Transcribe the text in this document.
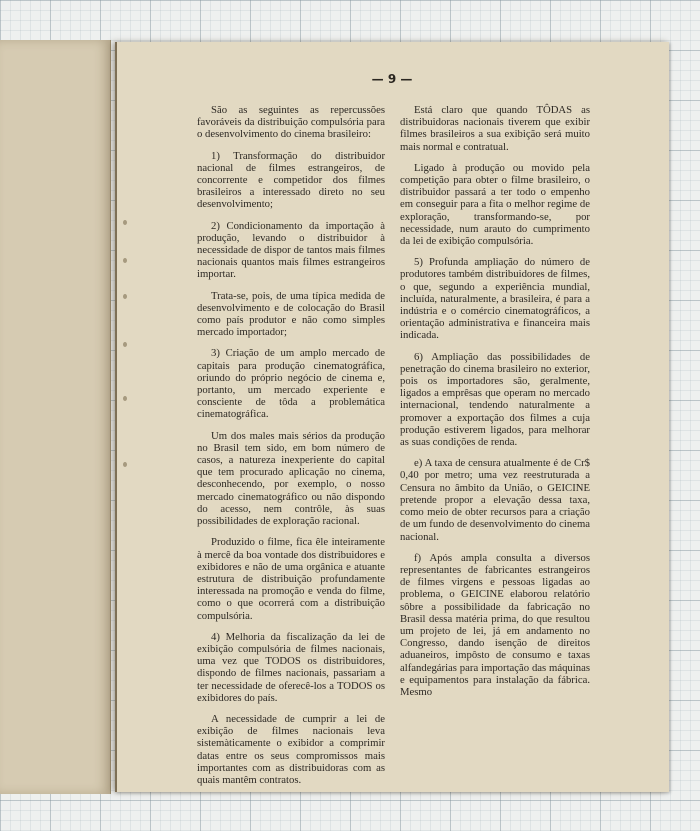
— 9 —

São as seguintes as repercussões favoráveis da distribuição compulsória para o desenvolvimento do cinema brasileiro:

1) Transformação do distribuidor nacional de filmes estrangeiros, de concorrente e competidor dos filmes brasileiros a interessado direto no seu desenvolvimento;

2) Condicionamento da importação à produção, levando o distribuidor à necessidade de dispor de tantos mais filmes nacionais quantos mais filmes estrangeiros importar.

Trata-se, pois, de uma típica medida de desenvolvimento e de colocação do Brasil como país produtor e não como simples mercado importador;

3) Criação de um amplo mercado de capitais para produção cinematográfica, oriundo do próprio negócio de cinema e, portanto, um mercado experiente e consciente de tôda a problemática cinematográfica.

Um dos males mais sérios da produção no Brasil tem sido, em bom número de casos, a natureza inexperiente do capital que tem procurado aplicação no cinema, desconhecendo, por exemplo, o nosso mercado cinematográfico ou não dispondo do acesso, nem contrôle, às suas possibilidades de exploração racional.

Produzido o filme, fica êle inteiramente à mercê da boa vontade dos distribuidores e exibidores e não de uma orgânica e atuante estrutura de distribuição profundamente interessada na promoção e venda do filme, como o que ocorrerá com a distribuição compulsória.

4) Melhoria da fiscalização da lei de exibição compulsória de filmes nacionais, uma vez que TODOS os distribuidores, dispondo de filmes nacionais, passariam a ter necessidade de oferecê-los a TODOS os exibidores do país.

A necessidade de cumprir a lei de exibição de filmes nacionais leva sistemàticamente o exibidor a comprimir datas entre os seus compromissos mais importantes com as distribuidoras com as quais mantêm contratos.

Está claro que quando TÔDAS as distribuidoras nacionais tiverem que exibir filmes brasileiros a sua exibição será muito mais normal e contratual.

Ligado à produção ou movido pela competição para obter o filme brasileiro, o distribuidor passará a ter todo o empenho em conseguir para a fita o melhor regime de exploração, transformando-se, por necessidade, num arauto do cumprimento da lei de exibição compulsória.

5) Profunda ampliação do número de produtores também distribuidores de filmes, o que, segundo a experiência mundial, incluída, naturalmente, a brasileira, é para a indústria e o comércio cinematográficos, a orientação administrativa e financeira mais indicada.

6) Ampliação das possibilidades de penetração do cinema brasileiro no exterior, pois os importadores são, geralmente, ligados a emprêsas que operam no mercado internacional, tendendo naturalmente a promover a exportação dos filmes a cuja produção estiverem ligados, para melhorar as suas condições de renda.

e) A taxa de censura atualmente é de Cr$ 0,40 por metro; uma vez reestruturada a Censura no âmbito da União, o GEICINE pretende propor a elevação dessa taxa, como meio de obter recursos para a criação de um fundo de desenvolvimento do cinema nacional.

f) Após ampla consulta a diversos representantes de fabricantes estrangeiros de filmes virgens e pessoas ligadas ao problema, o GEICINE elaborou relatório sôbre a possibilidade da fabricação no Brasil dessa matéria prima, do que resultou um projeto de lei, já em andamento no Congresso, dando isenção de direitos aduaneiros, impôsto de consumo e taxas alfandegárias para importação das máquinas e equipamentos para instalação da fábrica. Mesmo
